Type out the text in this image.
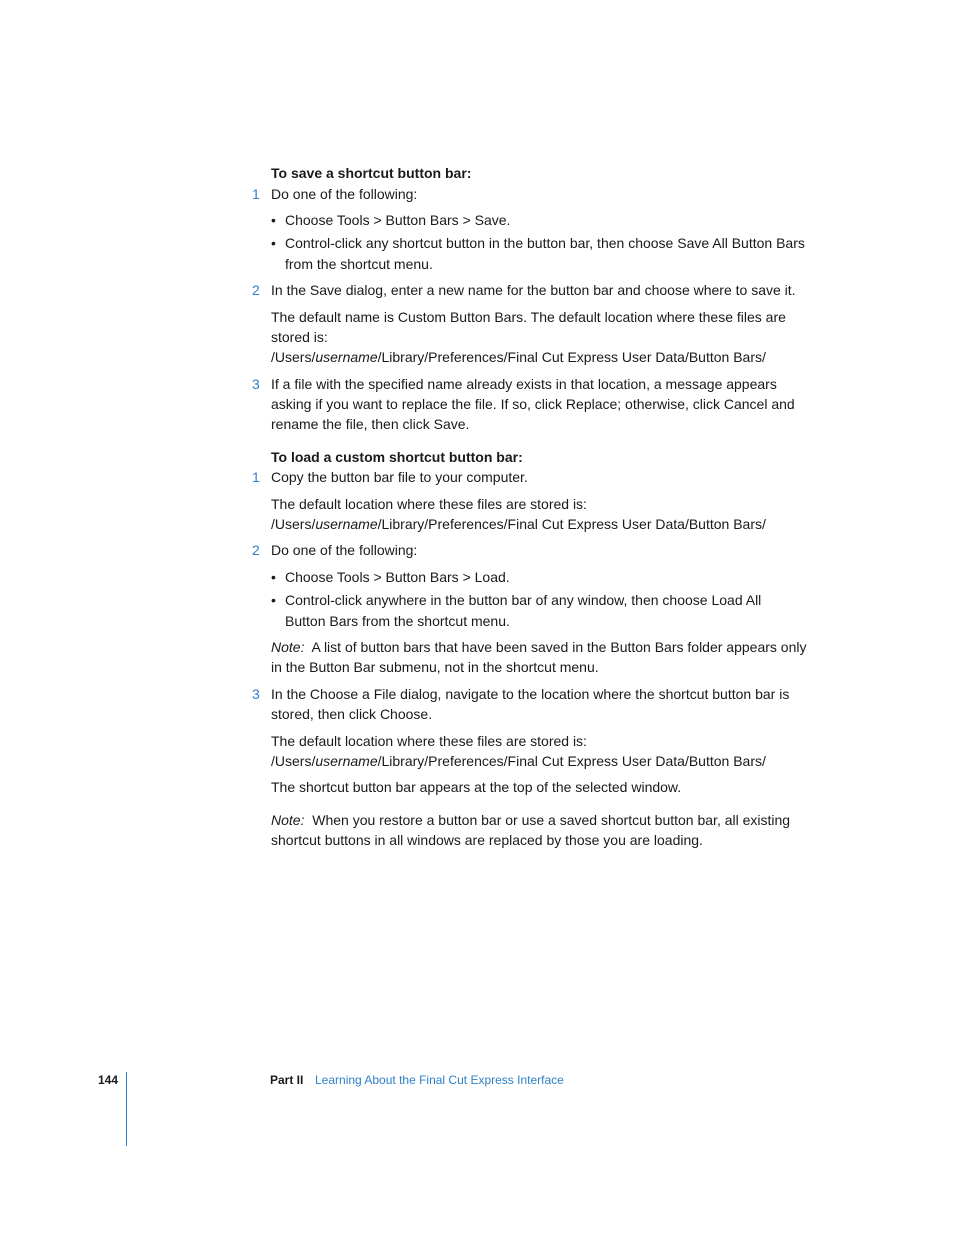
To save a shortcut button bar:
1 Do one of the following:
• Choose Tools > Button Bars > Save.
• Control-click any shortcut button in the button bar, then choose Save All Button Bars
from the shortcut menu.
2 In the Save dialog, enter a new name for the button bar and choose where to save it.
The default name is Custom Button Bars. The default location where these files are
stored is:
/Users/username/Library/Preferences/Final Cut Express User Data/Button Bars/
3 If a file with the specified name already exists in that location, a message appears
asking if you want to replace the file. If so, click Replace; otherwise, click Cancel and
rename the file, then click Save.
To load a custom shortcut button bar:
1 Copy the button bar file to your computer.
The default location where these files are stored is:
/Users/username/Library/Preferences/Final Cut Express User Data/Button Bars/
2 Do one of the following:
• Choose Tools > Button Bars > Load.
• Control-click anywhere in the button bar of any window, then choose Load All
Button Bars from the shortcut menu.
Note: A list of button bars that have been saved in the Button Bars folder appears only
in the Button Bar submenu, not in the shortcut menu.
3 In the Choose a File dialog, navigate to the location where the shortcut button bar is
stored, then click Choose.
The default location where these files are stored is:
/Users/username/Library/Preferences/Final Cut Express User Data/Button Bars/
The shortcut button bar appears at the top of the selected window.
Note: When you restore a button bar or use a saved shortcut button bar, all existing
shortcut buttons in all windows are replaced by those you are loading.
144	Part II Learning About the Final Cut Express Interface
